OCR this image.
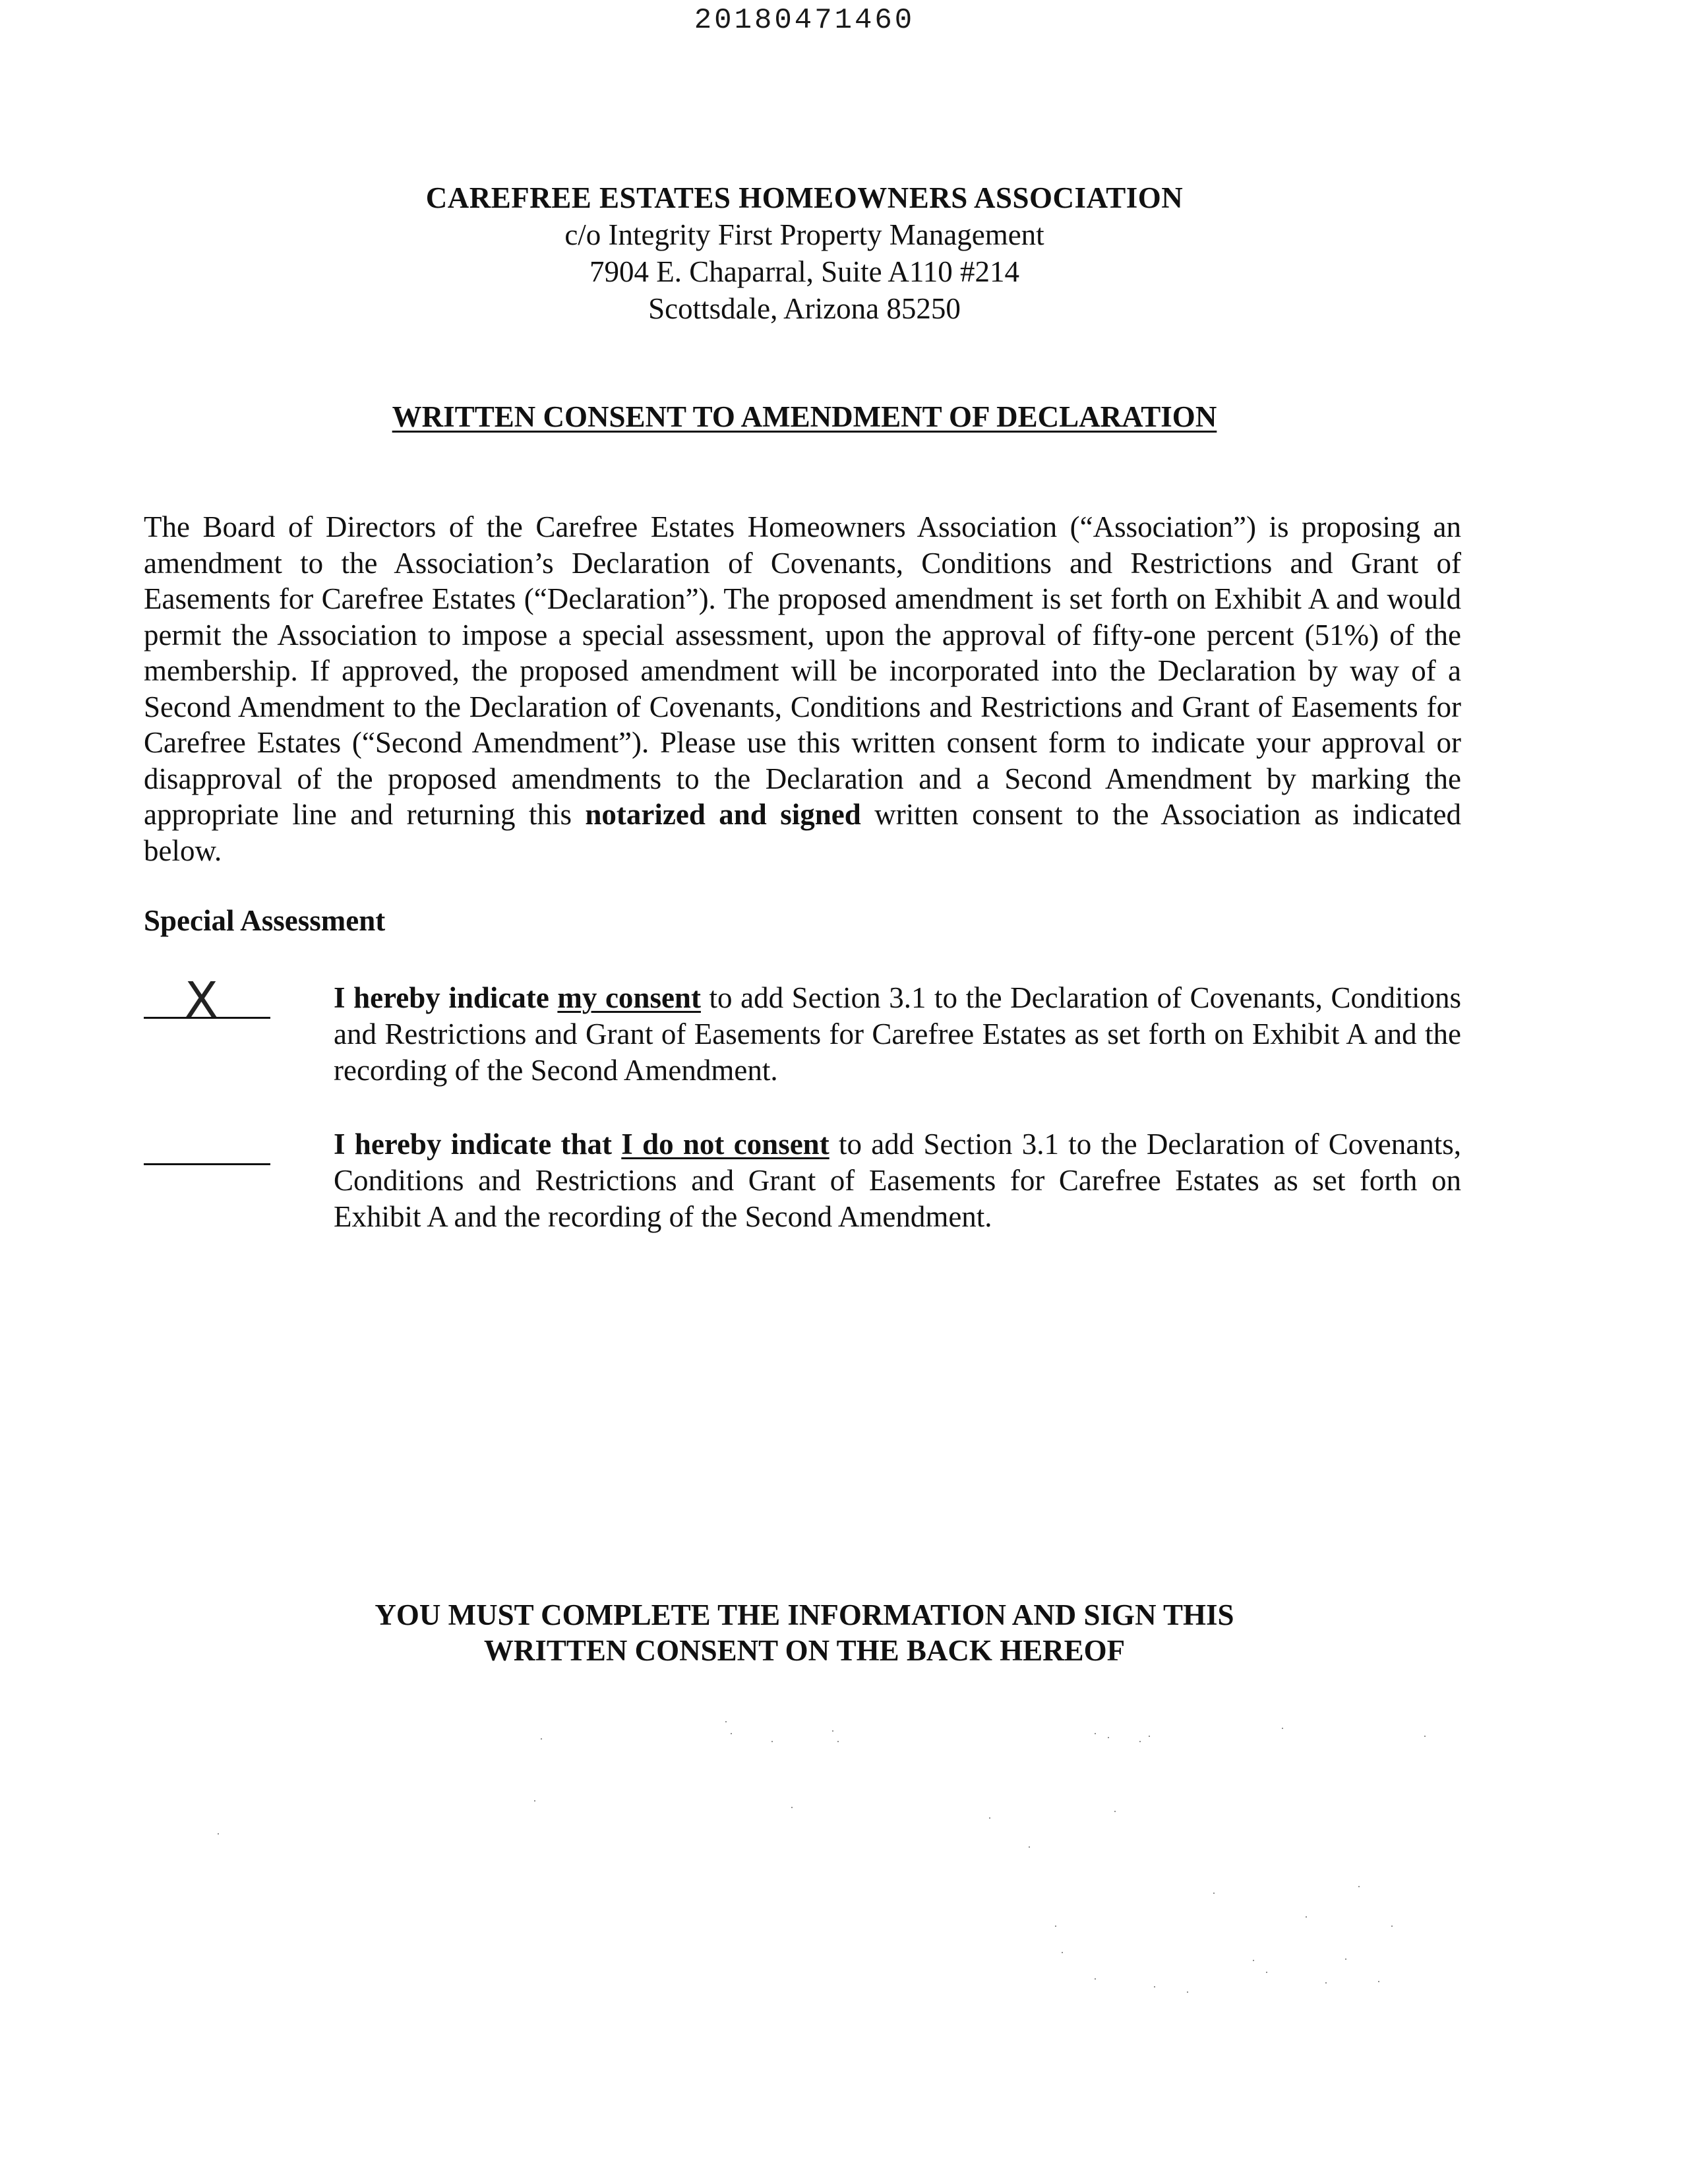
20180471460
CAREFREE ESTATES HOMEOWNERS ASSOCIATION
c/o Integrity First Property Management
7904 E. Chaparral, Suite A110 #214
Scottsdale, Arizona 85250
WRITTEN CONSENT TO AMENDMENT OF DECLARATION
The Board of Directors of the Carefree Estates Homeowners Association (“Association”) is proposing an amendment to the Association’s Declaration of Covenants, Conditions and Restrictions and Grant of Easements for Carefree Estates (“Declaration”). The proposed amendment is set forth on Exhibit A and would permit the Association to impose a special assessment, upon the approval of fifty-one percent (51%) of the membership. If approved, the proposed amendment will be incorporated into the Declaration by way of a Second Amendment to the Declaration of Covenants, Conditions and Restrictions and Grant of Easements for Carefree Estates (“Second Amendment”). Please use this written consent form to indicate your approval or disapproval of the proposed amendments to the Declaration and a Second Amendment by marking the appropriate line and returning this notarized and signed written consent to the Association as indicated below.
Special Assessment
X	I hereby indicate my consent to add Section 3.1 to the Declaration of Covenants, Conditions and Restrictions and Grant of Easements for Carefree Estates as set forth on Exhibit A and the recording of the Second Amendment.
I hereby indicate that I do not consent to add Section 3.1 to the Declaration of Covenants, Conditions and Restrictions and Grant of Easements for Carefree Estates as set forth on Exhibit A and the recording of the Second Amendment.
YOU MUST COMPLETE THE INFORMATION AND SIGN THIS
WRITTEN CONSENT ON THE BACK HEREOF
